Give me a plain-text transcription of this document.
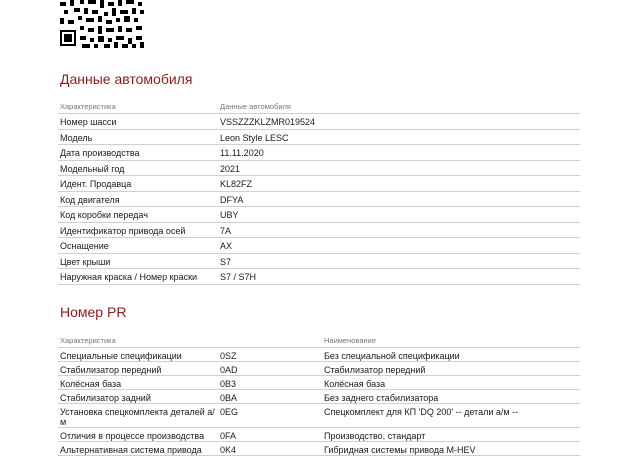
Данные автомобиля
Характеристика	Данные автомобиля
Номер шасси	VSSZZZKLZMR019524
Модель	Leon Style LESC
Дата производства	11.11.2020
Модельный год	2021
Идент. Продавца	KL82FZ
Код двигателя	DFYA
Код коробки передач	UBY
Идентификатор привода осей	7A
Оснащение	AX
Цвет крыши	S7
Наружная краска / Номер краски	S7 / S7H
Номер PR
Характеристика		Наименование
Специальные спецификации	0SZ	Без специальной спецификации
Стабилизатор передний	0AD	Стабилизатор передний
Колёсная база	0B3	Колёсная база
Стабилизатор задний	0BA	Без заднего стабилизатора
Установка спецкомплекта деталей а/м	0EG	Спецкомплект для КП 'DQ 200' -- детали а/м --
Отличия в процессе производства	0FA	Производство, стандарт
Альтернативная система привода	0K4	Гибридная системы привода M-HEV
